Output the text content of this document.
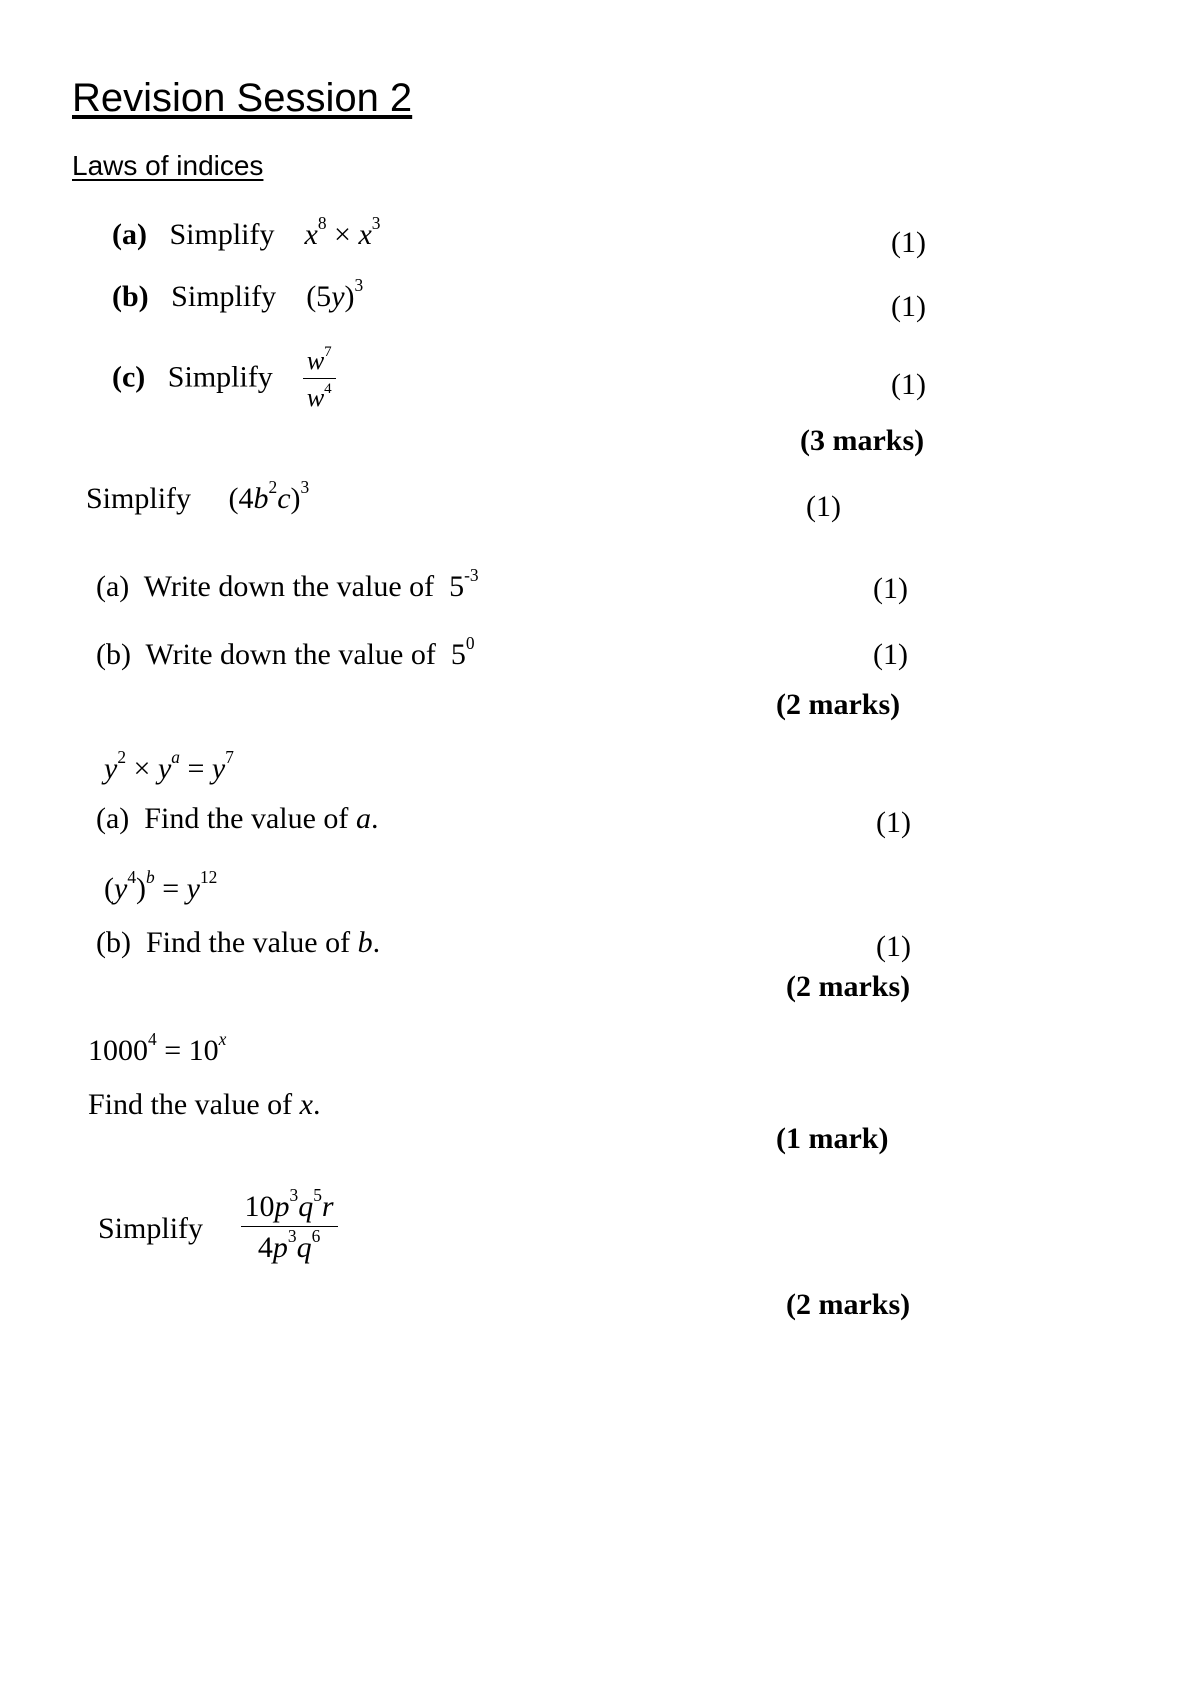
Revision Session 2
Laws of indices
(a) Simplify $x^8 \times x^3$
(1)
(b) Simplify $(5y)^3$
(1)
(c) Simplify $\frac{w^7}{w^4}$	(1)
(3 marks)
Simplify $(4b^2c)^3$
(1)
(a) Write down the value of $5^{-3}$	(1)
(b) Write down the value of $5^0$	(1)
(2 marks)
$y^2 \times y^a = y^7$
(a) Find the value of a.	(1)
$(y^4)^b = y^{12}$
(b) Find the value of b.	(1)
(2 marks)
$1000^4 = 10^x$
Find the value of x.
(1 mark)
Simplify $\frac{10p^3q^5r}{4p^3q^6}$
(2 marks)
